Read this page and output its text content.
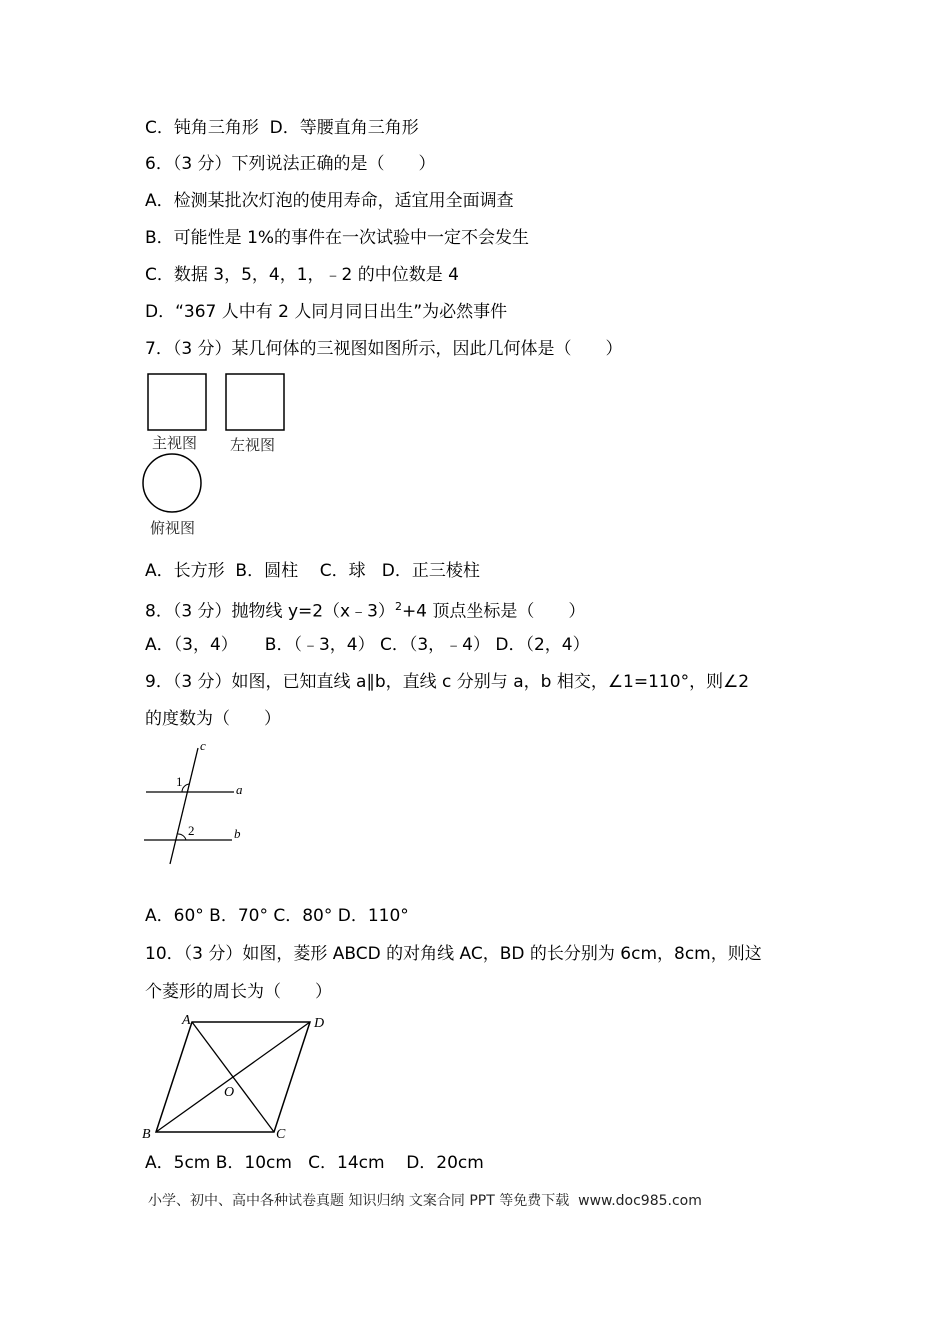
C．钝角三角形  D．等腰直角三角形
6．（3 分）下列说法正确的是（　　）
A．检测某批次灯泡的使用寿命，适宜用全面调查
B．可能性是 1%的事件在一次试验中一定不会发生
C．数据 3，5，4，1，﹣2 的中位数是 4
D．“367 人中有 2 人同月同日出生”为必然事件
7．（3 分）某几何体的三视图如图所示，因此几何体是（　　）
主视图 左视图
俯视图
A．长方形  B．圆柱    C．球   D．正三棱柱
8．（3 分）抛物线 y=2（x﹣3）$^2$+4 顶点坐标是（　　）
A．（3，4）     B．（﹣3，4） C．（3，﹣4） D．（2，4）
9．（3 分）如图，已知直线 a∥b，直线 c 分别与 a，b 相交，∠1=110°，则∠2
的度数为（　　）
c
1
a
2	b
A．60° B．70° C．80° D．110°
10．（3 分）如图，菱形 ABCD 的对角线 AC，BD 的长分别为 6cm，8cm，则这
个菱形的周长为（　　）
A	D
O
B	C
A．5cm B．10cm   C．14cm    D．20cm
小学、初中、高中各种试卷真题 知识归纳 文案合同 PPT 等免费下载  www.doc985.com
